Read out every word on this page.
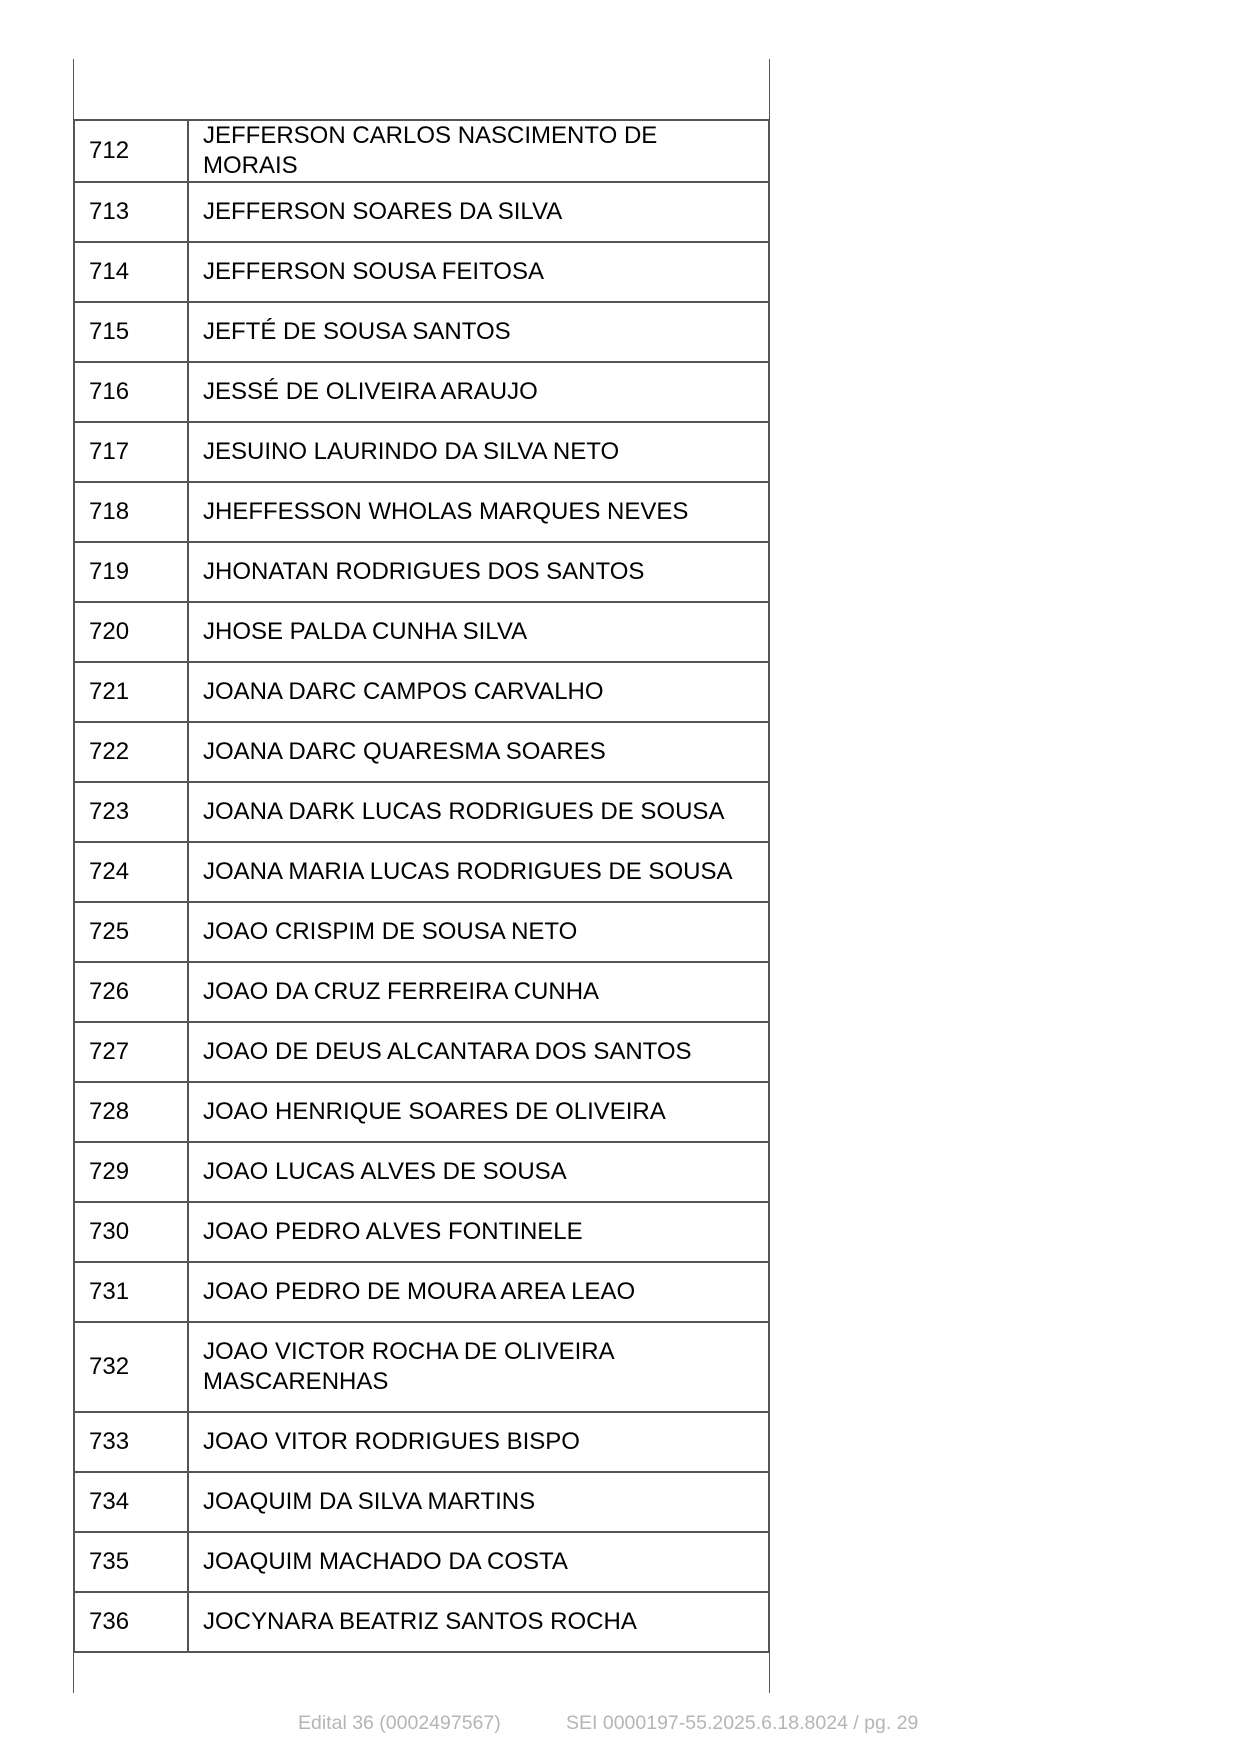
712	JEFFERSON CARLOS NASCIMENTO DE MORAIS
713	JEFFERSON SOARES DA SILVA
714	JEFFERSON SOUSA FEITOSA
715	JEFTÉ DE SOUSA SANTOS
716	JESSÉ DE OLIVEIRA ARAUJO
717	JESUINO LAURINDO DA SILVA NETO
718	JHEFFESSON WHOLAS MARQUES NEVES
719	JHONATAN RODRIGUES DOS SANTOS
720	JHOSE PALDA CUNHA SILVA
721	JOANA DARC CAMPOS CARVALHO
722	JOANA DARC QUARESMA SOARES
723	JOANA DARK LUCAS RODRIGUES DE SOUSA
724	JOANA MARIA LUCAS RODRIGUES DE SOUSA
725	JOAO CRISPIM DE SOUSA NETO
726	JOAO DA CRUZ FERREIRA CUNHA
727	JOAO DE DEUS ALCANTARA DOS SANTOS
728	JOAO HENRIQUE SOARES DE OLIVEIRA
729	JOAO LUCAS ALVES DE SOUSA
730	JOAO PEDRO ALVES FONTINELE
731	JOAO PEDRO DE MOURA AREA LEAO
732	JOAO VICTOR ROCHA DE OLIVEIRA MASCARENHAS
733	JOAO VITOR RODRIGUES BISPO
734	JOAQUIM DA SILVA MARTINS
735	JOAQUIM MACHADO DA COSTA
736	JOCYNARA BEATRIZ SANTOS ROCHA
Edital 36 (0002497567)	SEI 0000197-55.2025.6.18.8024 / pg. 29
